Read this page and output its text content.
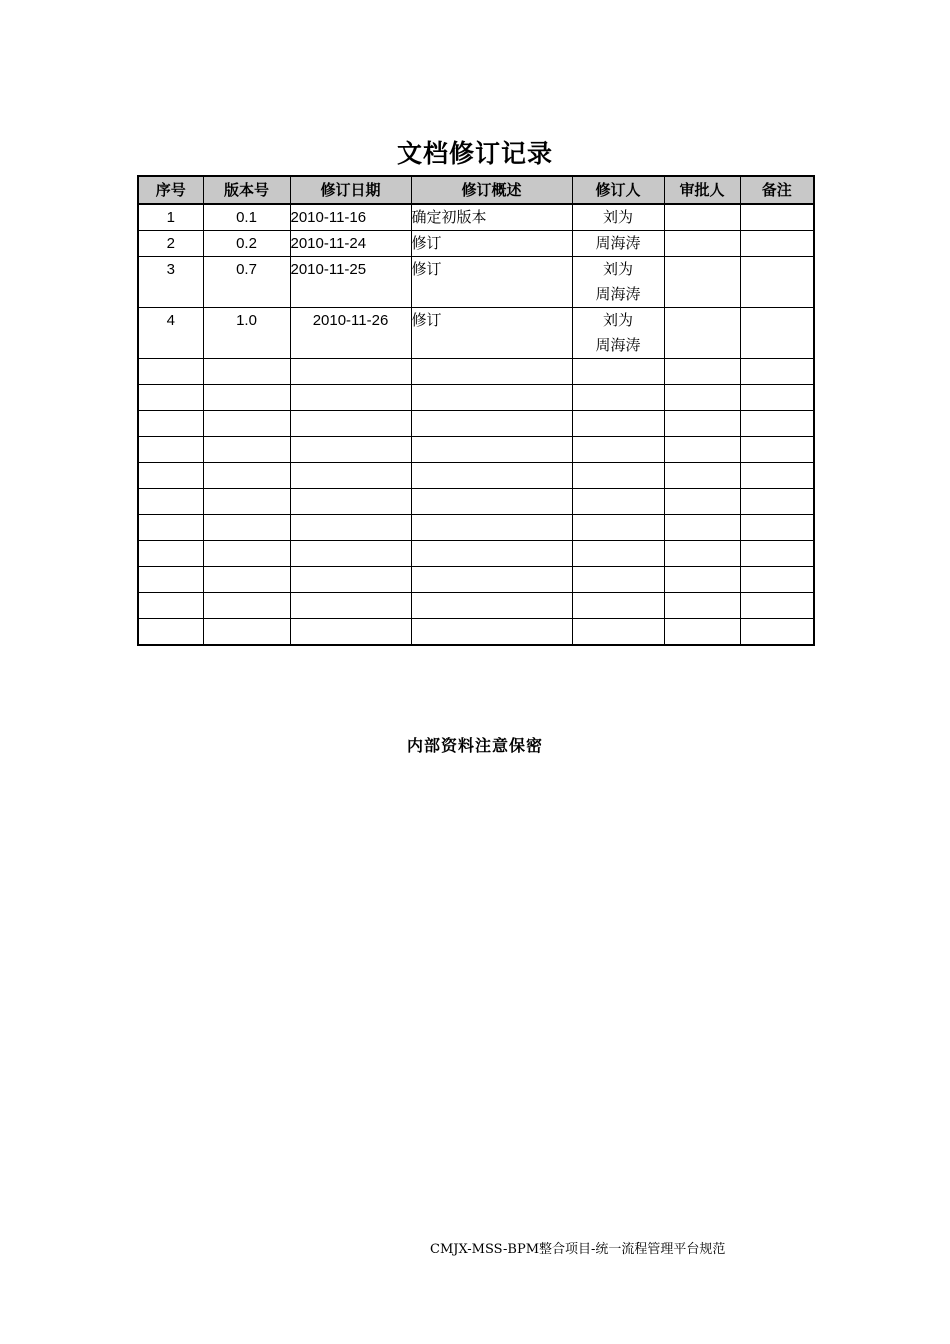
文档修订记录
序号	版本号	修订日期	修订概述	修订人	审批人	备注
1	0.1	2010-11-16	确定初版本	刘为		

2	0.2	2010-11-24	修订	周海涛		

3	0.7	2010-11-25	修订	刘为
周海涛		

4	1.0	2010-11-26	修订	刘为
周海涛		

内部资料注意保密
CMJX-MSS-BPM整合项目-统一流程管理平台规范
